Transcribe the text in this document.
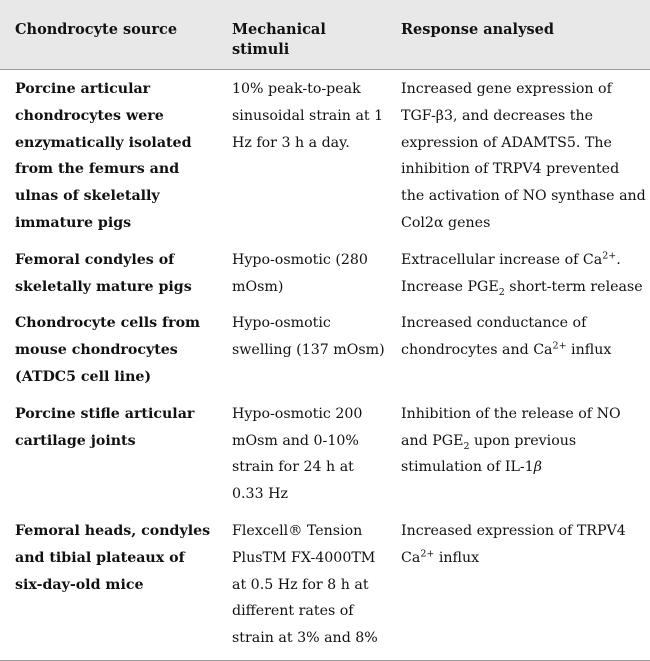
Chondrocyte source	Mechanical stimuli	Response analysed
Porcine articular chondrocytes were enzymatically isolated from the femurs and ulnas of skeletally immature pigs	10% peak-to-peak sinusoidal strain at 1 Hz for 3 h a day.	Increased gene expression of TGF-β3, and decreases the expression of ADAMTS5. The inhibition of TRPV4 prevented the activation of NO synthase and Col2α genes
Femoral condyles of skeletally mature pigs	Hypo-osmotic (280 mOsm)	Extracellular increase of $Ca^{2+}$. Increase $PGE_2$ short-term release
Chondrocyte cells from mouse chondrocytes (ATDC5 cell line)	Hypo-osmotic swelling (137 mOsm)	Increased conductance of chondrocytes and $Ca^{2+}$ influx
Porcine stifle articular cartilage joints	Hypo-osmotic 200 mOsm and 0-10% strain for 24 h at 0.33 Hz	Inhibition of the release of NO and $PGE_2$ upon previous stimulation of IL-1β
Femoral heads, condyles and tibial plateaux of six-day-old mice	Flexcell® Tension PlusTM FX-4000TM at 0.5 Hz for 8 h at different rates of strain at 3% and 8%	Increased expression of TRPV4 $Ca^{2+}$ influx
